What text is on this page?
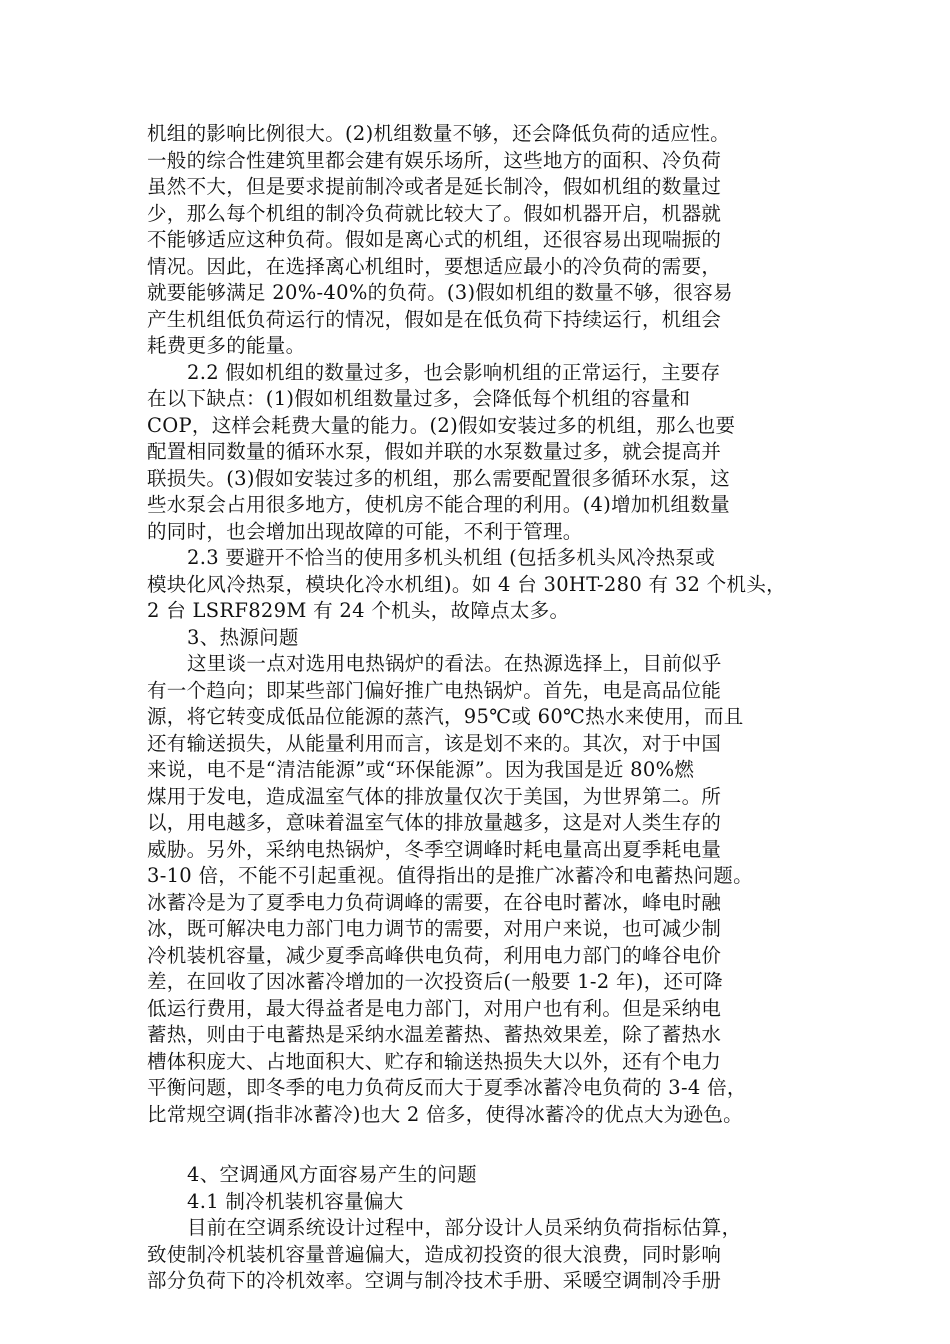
机组的影响比例很大。(2)机组数量不够，还会降低负荷的适应性。
一般的综合性建筑里都会建有娱乐场所，这些地方的面积、冷负荷
虽然不大，但是要求提前制冷或者是延长制冷，假如机组的数量过
少，那么每个机组的制冷负荷就比较大了。假如机器开启，机器就
不能够适应这种负荷。假如是离心式的机组，还很容易出现喘振的
情况。因此，在选择离心机组时，要想适应最小的冷负荷的需要，
就要能够满足 20%-40%的负荷。(3)假如机组的数量不够，很容易
产生机组低负荷运行的情况，假如是在低负荷下持续运行，机组会
耗费更多的能量。
2.2 假如机组的数量过多，也会影响机组的正常运行，主要存
在以下缺点：(1)假如机组数量过多，会降低每个机组的容量和
COP，这样会耗费大量的能力。(2)假如安装过多的机组，那么也要
配置相同数量的循环水泵，假如并联的水泵数量过多，就会提高并
联损失。(3)假如安装过多的机组，那么需要配置很多循环水泵，这
些水泵会占用很多地方，使机房不能合理的利用。(4)增加机组数量
的同时，也会增加出现故障的可能，不利于管理。
2.3 要避开不恰当的使用多机头机组 (包括多机头风冷热泵或
模块化风冷热泵，模块化冷水机组)。如 4 台 30HT-280 有 32 个机头，
2 台 LSRF829M 有 24 个机头，故障点太多。
3、热源问题
这里谈一点对选用电热锅炉的看法。在热源选择上，目前似乎
有一个趋向；即某些部门偏好推广电热锅炉。首先，电是高品位能
源，将它转变成低品位能源的蒸汽，95℃或 60℃热水来使用，而且
还有输送损失，从能量利用而言，该是划不来的。其次，对于中国
来说，电不是“清洁能源”或“环保能源”。因为我国是近 80%燃
煤用于发电，造成温室气体的排放量仅次于美国，为世界第二。所
以，用电越多，意味着温室气体的排放量越多，这是对人类生存的
威胁。另外，采纳电热锅炉，冬季空调峰时耗电量高出夏季耗电量
3-10 倍，不能不引起重视。值得指出的是推广冰蓄冷和电蓄热问题。
冰蓄冷是为了夏季电力负荷调峰的需要，在谷电时蓄冰，峰电时融
冰，既可解决电力部门电力调节的需要，对用户来说，也可减少制
冷机装机容量，减少夏季高峰供电负荷，利用电力部门的峰谷电价
差，在回收了因冰蓄冷增加的一次投资后(一般要 1-2 年)，还可降
低运行费用，最大得益者是电力部门，对用户也有利。但是采纳电
蓄热，则由于电蓄热是采纳水温差蓄热、蓄热效果差，除了蓄热水
槽体积庞大、占地面积大、贮存和输送热损失大以外，还有个电力
平衡问题，即冬季的电力负荷反而大于夏季冰蓄冷电负荷的 3-4 倍，
比常规空调(指非冰蓄冷)也大 2 倍多，使得冰蓄冷的优点大为逊色。
4、空调通风方面容易产生的问题
4.1 制冷机装机容量偏大
目前在空调系统设计过程中，部分设计人员采纳负荷指标估算，
致使制冷机装机容量普遍偏大，造成初投资的很大浪费，同时影响
部分负荷下的冷机效率。空调与制冷技术手册、采暖空调制冷手册
